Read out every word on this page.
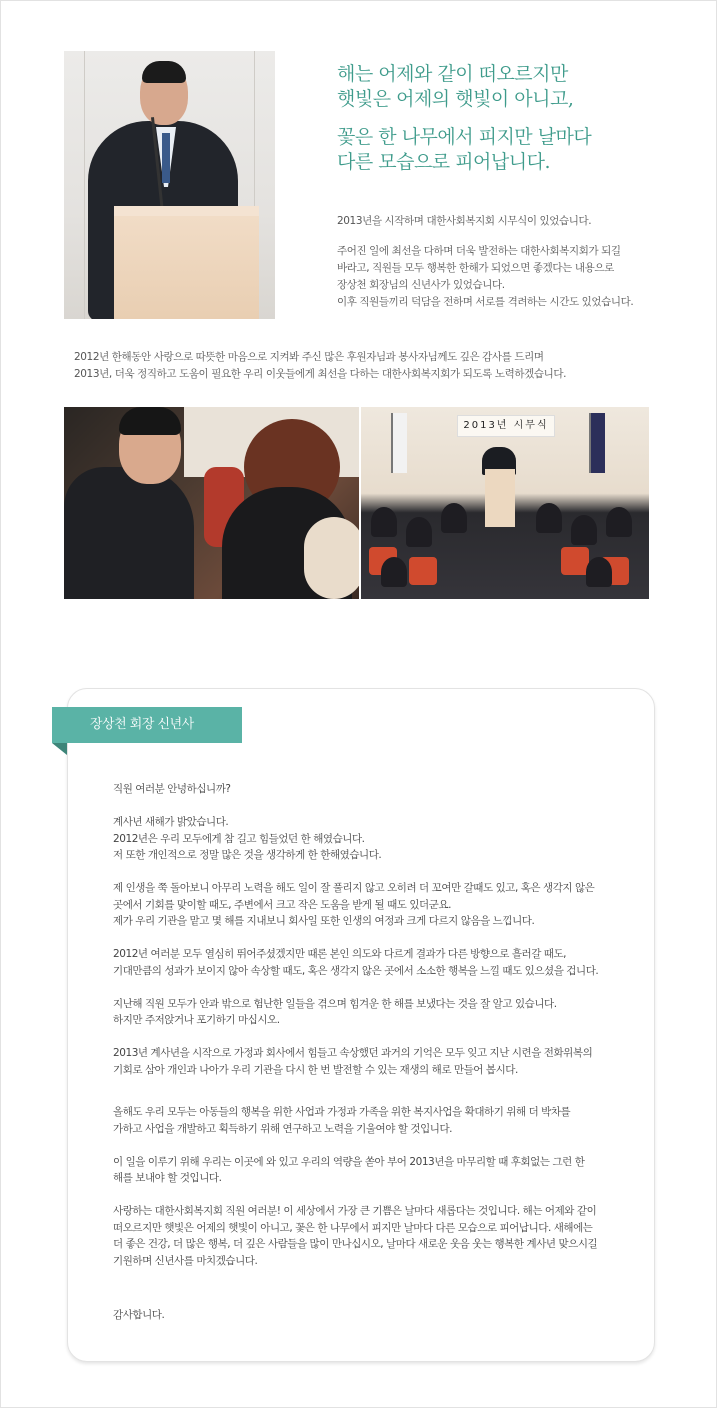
해는 어제와 같이 떠오르지만
햇빛은 어제의 햇빛이 아니고,
꽃은 한 나무에서 피지만 날마다
다른 모습으로 피어납니다.
2013년을 시작하며 대한사회복지회 시무식이 있었습니다.
주어진 일에 최선을 다하며 더욱 발전하는 대한사회복지회가 되길
바라고, 직원들 모두 행복한 한해가 되었으면 좋겠다는 내용으로
장상천 회장님의 신년사가 있었습니다.
이후 직원들끼리 덕담을 전하며 서로를 격려하는 시간도 있었습니다.
2012년 한해동안 사랑으로 따뜻한 마음으로 지켜봐 주신 많은 후원자님과 봉사자님께도 깊은 감사를 드리며
2013년, 더욱 정직하고 도움이 필요한 우리 이웃들에게 최선을 다하는 대한사회복지회가 되도록 노력하겠습니다.
2013년 시무식
장상천 회장 신년사
직원 여러분 안녕하십니까?
계사년 새해가 밝았습니다.
2012년은 우리 모두에게 참 길고 힘들었던 한 해였습니다.
저 또한 개인적으로 정말 많은 것을 생각하게 한 한해였습니다.
제 인생을 쭉 돌아보니 아무리 노력을 해도 일이 잘 풀리지 않고 오히려 더 꼬여만 갈때도 있고, 혹은 생각지 않은
곳에서 기회를 맞이할 때도, 주변에서 크고 작은 도움을 받게 될 때도 있더군요.
제가 우리 기관을 맡고 몇 해를 지내보니 회사일 또한 인생의 여정과 크게 다르지 않음을 느낍니다.
2012년 여러분 모두 열심히 뛰어주셨겠지만 때론 본인 의도와 다르게 결과가 다른 방향으로 흘러갈 때도,
기대만큼의 성과가 보이지 않아 속상할 때도, 혹은 생각지 않은 곳에서 소소한 행복을 느낄 때도 있으셨을 겁니다.
지난해 직원 모두가 안과 밖으로 험난한 일들을 겪으며 힘겨운 한 해를 보냈다는 것을 잘 알고 있습니다.
하지만 주저앉거나 포기하기 마십시오.
2013년 계사년을 시작으로 가정과 회사에서 힘들고 속상했던 과거의 기억은 모두 잊고 지난 시련을 전화위복의
기회로 삼아 개인과 나아가 우리 기관을 다시 한 번 발전할 수 있는 재생의 해로 만들어 봅시다.
올해도 우리 모두는 아동들의 행복을 위한 사업과 가정과 가족을 위한 복지사업을 확대하기 위해 더 박차를
가하고 사업을 개발하고 획득하기 위해 연구하고 노력을 기울여야 할 것입니다.
이 일을 이루기 위해 우리는 이곳에 와 있고 우리의 역량을 쏟아 부어 2013년을 마무리할 때 후회없는 그런 한
해를 보내야 할 것입니다.
사랑하는 대한사회복지회 직원 여러분! 이 세상에서 가장 큰 기쁨은 날마다 새롭다는 것입니다. 해는 어제와 같이
떠오르지만 햇빛은 어제의 햇빛이 아니고, 꽃은 한 나무에서 피지만 날마다 다른 모습으로 피어납니다. 새해에는
더 좋은 건강, 더 많은 행복, 더 깊은 사람들을 많이 만나십시오, 날마다 새로운 웃음 웃는 행복한 계사년 맞으시길
기원하며 신년사를 마치겠습니다.
감사합니다.
